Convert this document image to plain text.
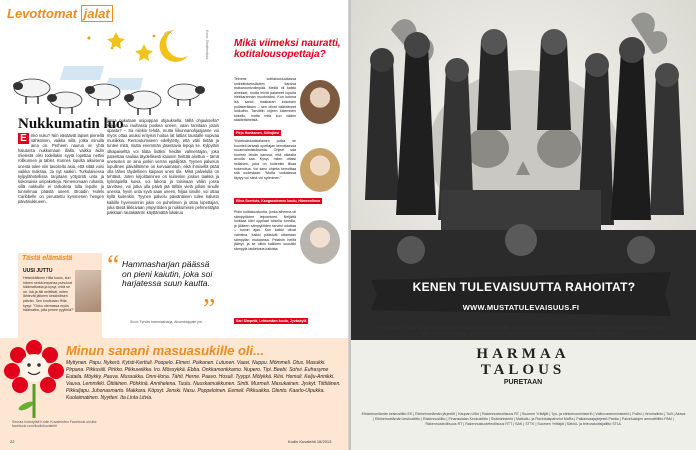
Levottomat jalat
Kuva: Shutterstock
Nukkumatin luo

E	nkö nuku? Niin väsäävät lapset pienellä sähköinen, vaikka sillä, jotka minulla aina on. Perheen naurun on yhtä halutonta nukkumaan illalla, vaikka äidin mielestä olisi todellakin syytä lopettaa nettisi rollkunnen ja tablet. Kunnes lopulta aikuisena unesta tulee niin tavoiteltu asia, että sitää voisi vaikka maksaa. Ja nyt saakin. Turkulaisessa kylpylähotellissa tarjotaan yötyöntä unta ja kokonaisia unipaketteja. Nimenomaan ruhasta, sillä nukkuille ei tarkoiteta tulla lepolle ja tunnelmaa päästä uneen. Broadin Holels Caribbelle on perustettu kymmenen hengen päivänukkueen,

jossa nukutaan unipoppan ohjauksella. Millä ohjauksella? Mikset saa rauhassa puskea uneen, vaan tarvitaan jotain opasta? – Sa niinkin tehdä, mutta liikunnanohjaajanne voi myös ottaa avuksi erityisin hoitoa lat lattias taustalle sopivaa musiikkia. Rentoutumiseen edellytetty, että väki tietää ja tuntee mitä, mutta enemmän jäsentavia lepoja se. Kylpyläin olkapaiseltta voi tilata lisäksi heidän valmentajan, joka patenttaa sauliaa täydellisesti kaiuniin heittää aloittua – tämä unetusten on aina jonkin verran epäilijöitä. Tyynen palvelun lopullinen päivällämme on korvaamaton, eikä ihmisellä pitää olla lähes täydellinen kaipaus unen tila. Mikä palvelulla on tehtävä. Joten kirjoittaminen on kuitenkin joskus taakka ja kylmäpiellä kuiva, voi lakona ja toisinaan väliin jossa tarvitsee, voi jotka olla päivä jää tällöin vielä jolloin sinulle unessa, hyvin unta syvä saan uneen, hiljaa sinulle, voi ottaa kyllä kuitenkin. Tyynen palvelu päivänäinen tulee kalusto kaikille hyvinvoinnin jokin on puhelimen ja ottaa lopettajan, joka tässä liikkuvaan ympyröiden ja nukkumisen pehmentäjän pakkaan rautakäärön käyttämättä lokakuu

Tästä elämästä
UUSI JUTTU

Helsinkiläinen Hilla koulu, kun hänen serkkumpansa puhuivat häämatkasta ja kysyi, mitä se on. Isä ja äiti selittivät, miten lähtevät jälkeen keskinäisen päivän. Sen kuultuaan Hilla kysyi: "Onko olemassa myös häämatka, jolla pesee pyykkiä?"

“ Hammasharjan päässä on pieni kaiutin, joka soi harjatessa suun kautta.

”
Sivut: Tyrvän hammasharja, Ahvenkappale jne.
Mikä viimeksi nauratti, kotitalousopettaja?

Teimme kotitalousluokassa unikeittokeksiädem kanssa makaroonivoileipää. Meillä oli kaikki ainekset, mutta leivät palaneet lopulta hiekkarannan muotoisiksi. Kun kotona isä sanoi makkaran kokoisen pullakeräksen – sen olivat vääntäneet lohkoihin. Tarvittiin ohjeen lukemisen kokeilu, mutta mitä kun väärin säädettäneistä.

Pirjo Honkanen, Siilinjärvi

Yhdeksäsluokkalainen poika se kuunteli tarkasti opettajan kerrottaessa ruuanvalmistuksesta. Ohjeet saa tuoreen leivän kanssa, että oikealla arvolla saa. Kysyi, miten ottaisi sellaisen, joka on kuitenkin liikaa sokeroitua. Voi sano ohjetta kerroittaa sitä uudestaan: "Mutta ruokalassa täytyy voi siinä voi syöminen."

Elina Sorvisto, Kangasniemen koulu, Hämeenlinna

Pidin kotitaloustuntia, jonka aiheena oli sämpylöiden leipominen. Neljättä luokkaa kävi oppilaat toisella tunnilla, ja jälkeen sämpylöiden tarvitsi odottaa – tunnin ajan. Kun kaikki olivat valmiina, kaikki pääsivät ottamaan sämpylän mukaansa. Pelaisin heiltä jäänyt, ja se olikin kaikkien suosikki sämpylä lasketusta kaikista.

Sari Simpelä, Lehtomäen koulu, Jyväskylä
Minun sanani masuasukille oli...

Myttynen. Papu. Nykerö. Kytsti-Kerttuli. Poopelo. Elmeri. Poikanen. Lutunen. Vaavi. Nuppu. Mömmeli. Otus. Masukki. Pirpana. Pikkusiili. Pirkko. Pikkuveikka. Iro. Mössykkä. Ebba. Onkkamonkkamo. Nupero. Tipi. Beebi. Sohvi. Eufrasyme Eutaila. Möykky. Pauva. Mussukka. Onni-Ilona. Tähti. Herne. Paavo. Hosuli. Tyyppi. Mölykkä. Riisi. Hemuli. Kelju-Annikki. Vauva. Lemmikki. Öttiäinen. Pöhkinä. Annihelena. Tuutu. Nuuskamuikkunen. Sintti. Murmeli. Masukainen. Jyskyt. Tiittiäinen. Pikkuljapu. Juhonasmarto. Makkara. Köpsyt. Jenski. Nasu. Poppeloinen. Eemeli. Pikkuakka. Olento. Kaarlo-Ulpukka. Kuolaimatinen. Nyytteri. Ita Linta Litvia.

Seuraa hoitotyötä Kodin Kuvalehden Facebook-sivulla: facebook.com/kodinkuvalehti
22	Kodin Kuvalehti 16/2013
KENEN TULEVAISUUTTA RAHOITAT?
WWW.MUSTATULEVAISUUS.FI

Yksi kolithon osista tai pimeä työkohka ei ehkä tunnu isolta asialta, mutta harmaa talous vahingoittaa sekä sinua että koko yhteiskuntaa. Teet joka päivä arvoisia valintoja, jotka joko tuet tai torjut harmaata taloutta ja laitonta toimintaa. Valitse puolesi.

HARMAA
TALOUS
PURETAAN

Elinkeinoelämän keskusliitto EK | Elinkeinoelämän järjestöt | Kaupan Liitto | Rakennusteollisuus RT | Suomen Yrittäjät | Tyo- ja elinkeinoministeriö | Valtiovarainministeriö | Poliisi | Verohallinto | Tulli | Akava | Elinkeinoelämän keskusliitto | Rakennusliitto | Finanssialan Keskusliitto | Sisäministeriö | Matkailu- ja Ravintolapalvelut MaRa | Palkansaajajärjestö Pardia | Palvelualojen ammattiliitto PAM | Rakennusteollisuus RT | Rakennustuoteteollisuus RTT | SAK | STTK | Suomen Yrittäjät | Sähkö- ja teleurakoitsijaliitto STUL
